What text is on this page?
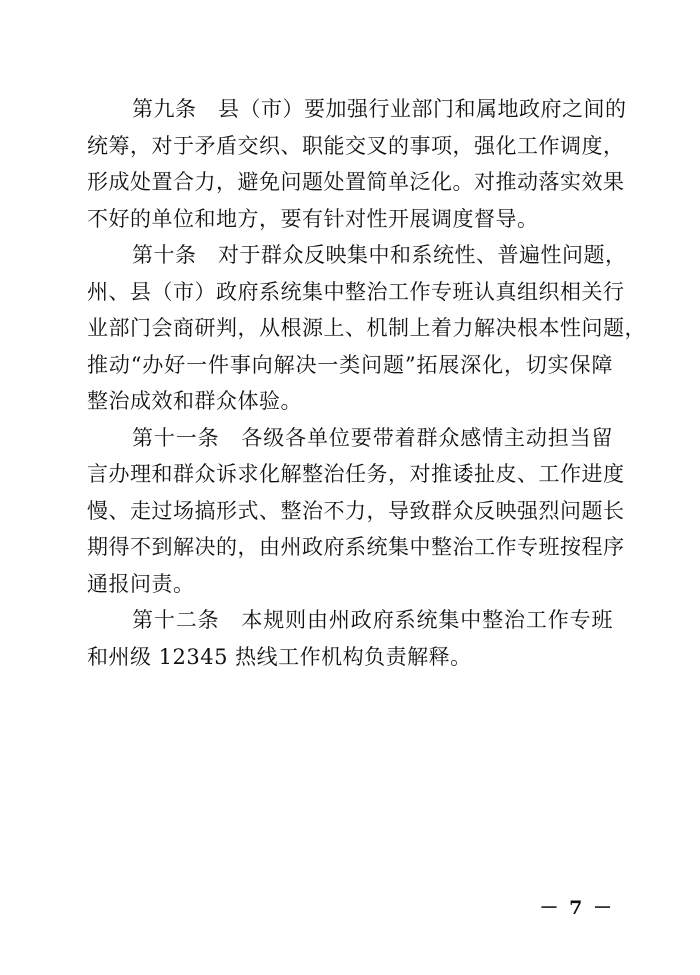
第九条　县（市）要加强行业部门和属地政府之间的
统筹，对于矛盾交织、职能交叉的事项，强化工作调度，
形成处置合力，避免问题处置简单泛化。对推动落实效果
不好的单位和地方，要有针对性开展调度督导。
第十条　对于群众反映集中和系统性、普遍性问题，
州、县（市）政府系统集中整治工作专班认真组织相关行
业部门会商研判，从根源上、机制上着力解决根本性问题，
推动“办好一件事向解决一类问题”拓展深化，切实保障
整治成效和群众体验。
第十一条　各级各单位要带着群众感情主动担当留
言办理和群众诉求化解整治任务，对推诿扯皮、工作进度
慢、走过场搞形式、整治不力，导致群众反映强烈问题长
期得不到解决的，由州政府系统集中整治工作专班按程序
通报问责。
第十二条　本规则由州政府系统集中整治工作专班
和州级 12345 热线工作机构负责解释。
－ 7 －
